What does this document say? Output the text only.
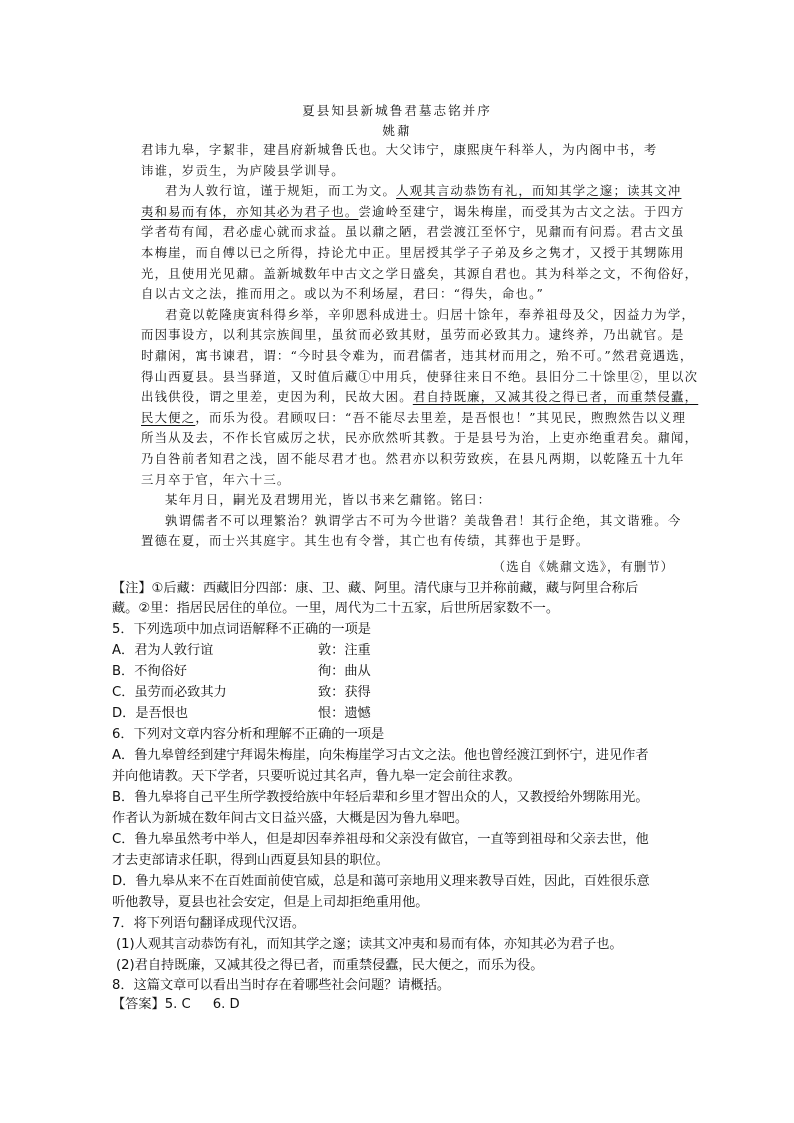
夏县知县新城鲁君墓志铭并序
姚鼐
君讳九皋，字絜非，建昌府新城鲁氏也。大父讳宁，康熙庚午科举人，为内阁中书，考
讳谁，岁贡生，为庐陵县学训导。
君为人敦行谊，谨于规矩，而工为文。人观其言动恭饬有礼，而知其学之邃；读其文冲
夷和易而有体，亦知其必为君子也。尝逾岭至建宁，谒朱梅崖，而受其为古文之法。于四方
学者苟有闻，君必虚心就而求益。虽以鼐之陋，君尝渡江至怀宁，见鼐而有问焉。君古文虽
本梅崖，而自傅以已之所得，持论尤中正。里居授其学子子弟及乡之隽才，又授于其甥陈用
光，且使用光见鼐。盖新城数年中古文之学日盛矣，其源自君也。其为科举之文，不徇俗好，
自以古文之法，推而用之。或以为不利场屋，君曰：“得失，命也。”
君竟以乾隆庚寅科得乡举，辛卯恩科成进士。归居十馀年，奉养祖母及父，因益力为学，
而因事设方，以利其宗族闾里，虽贫而必致其财，虽劳而必致其力。逮终养，乃出就官。是
时鼐闲，寓书谏君，谓：“今时县令难为，而君儒者，违其材而用之，殆不可。”然君竟遇选，
得山西夏县。县当驿道，又时值后藏①中用兵，使驿往来日不绝。县旧分二十馀里②，里以次
出钱供役，谓之里差，吏因为利，民故大困。君自持既廉，又减其役之得已者，而重禁侵蠹，
民大便之，而乐为役。君顾叹曰：“吾不能尽去里差，是吾恨也！”其见民，煦煦然告以义理
所当从及去，不作长官威厉之状，民亦欣然听其教。于是县号为治，上吏亦绝重君矣。鼐闻，
乃自咎前者知君之浅，固不能尽君才也。然君亦以积劳致疾，在县凡两期，以乾隆五十九年
三月卒于官，年六十三。
某年月日，嗣光及君甥用光，皆以书来乞鼐铭。铭曰：
孰谓儒者不可以理繁治？孰谓学古不可为今世谐？美哉鲁君！其行企绝，其文谐雅。今
置德在夏，而士兴其庭宇。其生也有令誉，其亡也有传绩，其葬也于是野。
（选自《姚鼐文选》，有删节）
【注】①后藏：西藏旧分四部：康、卫、藏、阿里。清代康与卫并称前藏，藏与阿里合称后
藏。②里：指居民居住的单位。一里，周代为二十五家，后世所居家数不一。
5．下列选项中加点词语解释不正确的一项是
A．君为人敦行谊	敦：注重
B．不徇俗好	徇：曲从
C．虽劳而必致其力	致：获得
D．是吾恨也	恨：遗憾
6．下列对文章内容分析和理解不正确的一项是
A．鲁九皋曾经到建宁拜谒朱梅崖，向朱梅崖学习古文之法。他也曾经渡江到怀宁，进见作者
并向他请教。天下学者，只要听说过其名声，鲁九皋一定会前往求教。
B．鲁九皋将自己平生所学教授给族中年轻后辈和乡里才智出众的人，又教授给外甥陈用光。
作者认为新城在数年间古文日益兴盛，大概是因为鲁九皋吧。
C．鲁九皋虽然考中举人，但是却因奉养祖母和父亲没有做官，一直等到祖母和父亲去世，他
才去吏部请求任职，得到山西夏县知县的职位。
D．鲁九皋从来不在百姓面前使官威，总是和蔼可亲地用义理来教导百姓，因此，百姓很乐意
听他教导，夏县也社会安定，但是上司却拒绝重用他。
7．将下列语句翻译成现代汉语。
(1)人观其言动恭饬有礼，而知其学之邃；读其文冲夷和易而有体，亦知其必为君子也。
(2)君自持既廉，又减其役之得已者，而重禁侵蠹，民大便之，而乐为役。
8．这篇文章可以看出当时存在着哪些社会问题？请概括。
【答案】5. C 6. D
